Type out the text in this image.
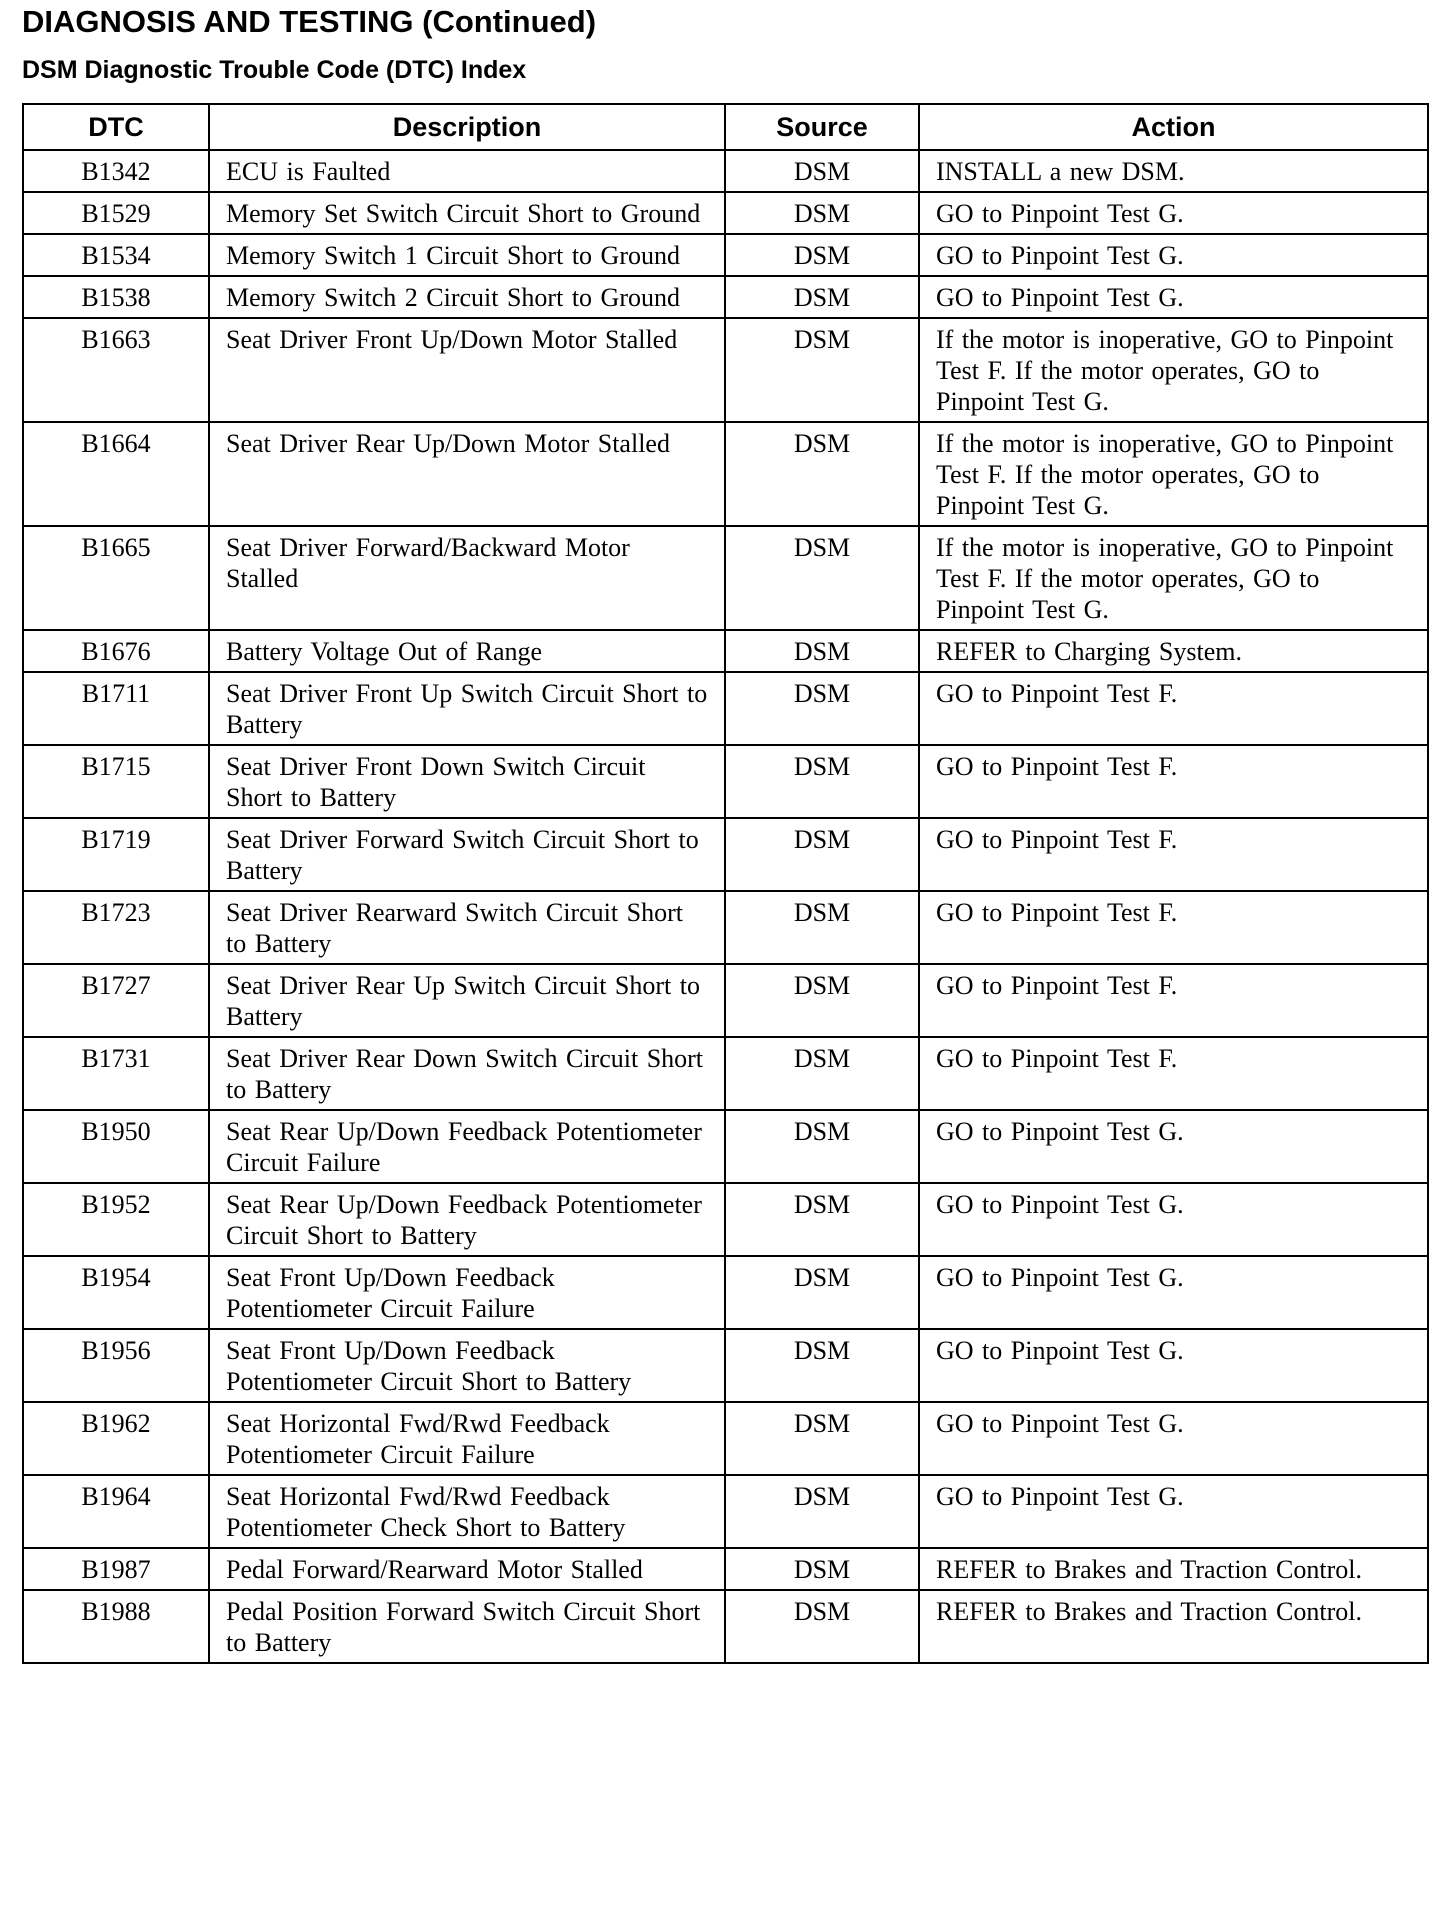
DIAGNOSIS AND TESTING (Continued)
DSM Diagnostic Trouble Code (DTC) Index
DTC	Description	Source	Action
B1342	ECU is Faulted	DSM	INSTALL a new DSM.
B1529	Memory Set Switch Circuit Short to Ground	DSM	GO to Pinpoint Test G.
B1534	Memory Switch 1 Circuit Short to Ground	DSM	GO to Pinpoint Test G.
B1538	Memory Switch 2 Circuit Short to Ground	DSM	GO to Pinpoint Test G.
B1663	Seat Driver Front Up/Down Motor Stalled	DSM	If the motor is inoperative, GO to Pinpoint Test F. If the motor operates, GO to Pinpoint Test G.
B1664	Seat Driver Rear Up/Down Motor Stalled	DSM	If the motor is inoperative, GO to Pinpoint Test F. If the motor operates, GO to Pinpoint Test G.
B1665	Seat Driver Forward/Backward Motor Stalled	DSM	If the motor is inoperative, GO to Pinpoint Test F. If the motor operates, GO to Pinpoint Test G.
B1676	Battery Voltage Out of Range	DSM	REFER to Charging System.
B1711	Seat Driver Front Up Switch Circuit Short to Battery	DSM	GO to Pinpoint Test F.
B1715	Seat Driver Front Down Switch Circuit Short to Battery	DSM	GO to Pinpoint Test F.
B1719	Seat Driver Forward Switch Circuit Short to Battery	DSM	GO to Pinpoint Test F.
B1723	Seat Driver Rearward Switch Circuit Short to Battery	DSM	GO to Pinpoint Test F.
B1727	Seat Driver Rear Up Switch Circuit Short to Battery	DSM	GO to Pinpoint Test F.
B1731	Seat Driver Rear Down Switch Circuit Short to Battery	DSM	GO to Pinpoint Test F.
B1950	Seat Rear Up/Down Feedback Potentiometer Circuit Failure	DSM	GO to Pinpoint Test G.
B1952	Seat Rear Up/Down Feedback Potentiometer Circuit Short to Battery	DSM	GO to Pinpoint Test G.
B1954	Seat Front Up/Down Feedback Potentiometer Circuit Failure	DSM	GO to Pinpoint Test G.
B1956	Seat Front Up/Down Feedback Potentiometer Circuit Short to Battery	DSM	GO to Pinpoint Test G.
B1962	Seat Horizontal Fwd/Rwd Feedback Potentiometer Circuit Failure	DSM	GO to Pinpoint Test G.
B1964	Seat Horizontal Fwd/Rwd Feedback Potentiometer Check Short to Battery	DSM	GO to Pinpoint Test G.
B1987	Pedal Forward/Rearward Motor Stalled	DSM	REFER to Brakes and Traction Control.
B1988	Pedal Position Forward Switch Circuit Short to Battery	DSM	REFER to Brakes and Traction Control.
